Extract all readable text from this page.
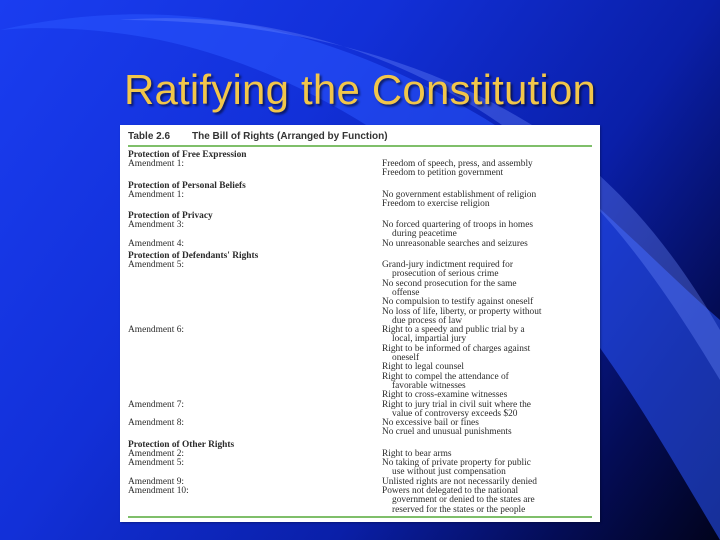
Ratifying the Constitution
Table 2.6 The Bill of Rights (Arranged by Function)
Protection of Free Expression
Amendment 1:	Freedom of speech, press, and assembly
Freedom to petition government
Protection of Personal Beliefs
Amendment 1:	No government establishment of religion
Freedom to exercise religion
Protection of Privacy
Amendment 3:	No forced quartering of troops in homes
during peacetime
Amendment 4:	No unreasonable searches and seizures
Protection of Defendants' Rights
Amendment 5:	Grand-jury indictment required for
prosecution of serious crime
No second prosecution for the same
offense
No compulsion to testify against oneself
No loss of life, liberty, or property without
due process of law
Amendment 6:	Right to a speedy and public trial by a
local, impartial jury
Right to be informed of charges against
oneself
Right to legal counsel
Right to compel the attendance of
favorable witnesses
Right to cross-examine witnesses
Amendment 7:	Right to jury trial in civil suit where the
value of controversy exceeds $20
Amendment 8:	No excessive bail or fines
No cruel and unusual punishments
Protection of Other Rights
Amendment 2:	Right to bear arms
Amendment 5:	No taking of private property for public
use without just compensation
Amendment 9:	Unlisted rights are not necessarily denied
Amendment 10:	Powers not delegated to the national
government or denied to the states are
reserved for the states or the people
